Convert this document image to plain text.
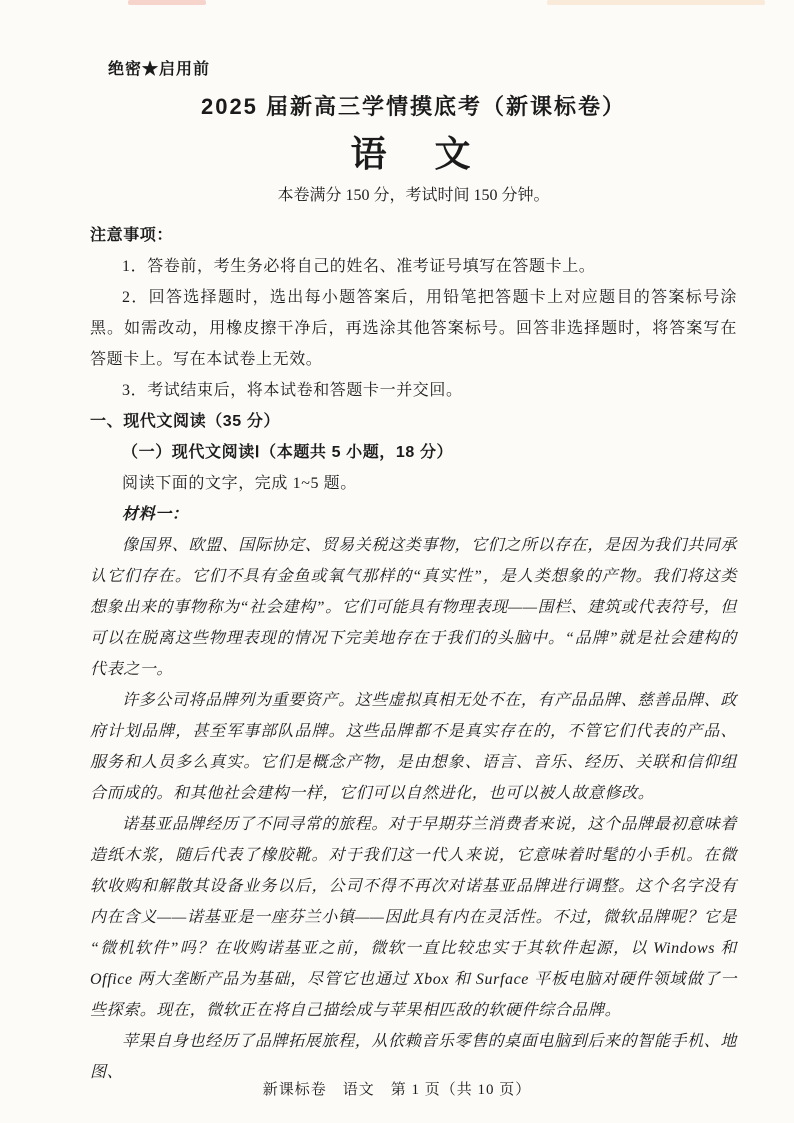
绝密★启用前
2025 届新高三学情摸底考（新课标卷）
语　文

本卷满分 150 分，考试时间 150 分钟。

注意事项：

1．答卷前，考生务必将自己的姓名、准考证号填写在答题卡上。

2．回答选择题时，选出每小题答案后，用铅笔把答题卡上对应题目的答案标号涂黑。如需改动，用橡皮擦干净后，再选涂其他答案标号。回答非选择题时，将答案写在答题卡上。写在本试卷上无效。

3．考试结束后，将本试卷和答题卡一并交回。

一、现代文阅读（35 分）

（一）现代文阅读Ⅰ（本题共 5 小题，18 分）

阅读下面的文字，完成 1~5 题。

材料一：

像国界、欧盟、国际协定、贸易关税这类事物，它们之所以存在，是因为我们共同承认它们存在。它们不具有金鱼或氧气那样的“真实性”，是人类想象的产物。我们将这类想象出来的事物称为“社会建构”。它们可能具有物理表现——围栏、建筑或代表符号，但可以在脱离这些物理表现的情况下完美地存在于我们的头脑中。“品牌”就是社会建构的代表之一。

许多公司将品牌列为重要资产。这些虚拟真相无处不在，有产品品牌、慈善品牌、政府计划品牌，甚至军事部队品牌。这些品牌都不是真实存在的，不管它们代表的产品、服务和人员多么真实。它们是概念产物，是由想象、语言、音乐、经历、关联和信仰组合而成的。和其他社会建构一样，它们可以自然进化，也可以被人故意修改。

诺基亚品牌经历了不同寻常的旅程。对于早期芬兰消费者来说，这个品牌最初意味着造纸木浆，随后代表了橡胶靴。对于我们这一代人来说，它意味着时髦的小手机。在微软收购和解散其设备业务以后，公司不得不再次对诺基亚品牌进行调整。这个名字没有内在含义——诺基亚是一座芬兰小镇——因此具有内在灵活性。不过，微软品牌呢？它是“微机软件”吗？在收购诺基亚之前，微软一直比较忠实于其软件起源，以 Windows 和 Office 两大垄断产品为基础，尽管它也通过 Xbox 和 Surface 平板电脑对硬件领域做了一些探索。现在，微软正在将自己描绘成与苹果相匹敌的软硬件综合品牌。

苹果自身也经历了品牌拓展旅程，从依赖音乐零售的桌面电脑到后来的智能手机、地图、

新课标卷　语文　第 1 页（共 10 页）
